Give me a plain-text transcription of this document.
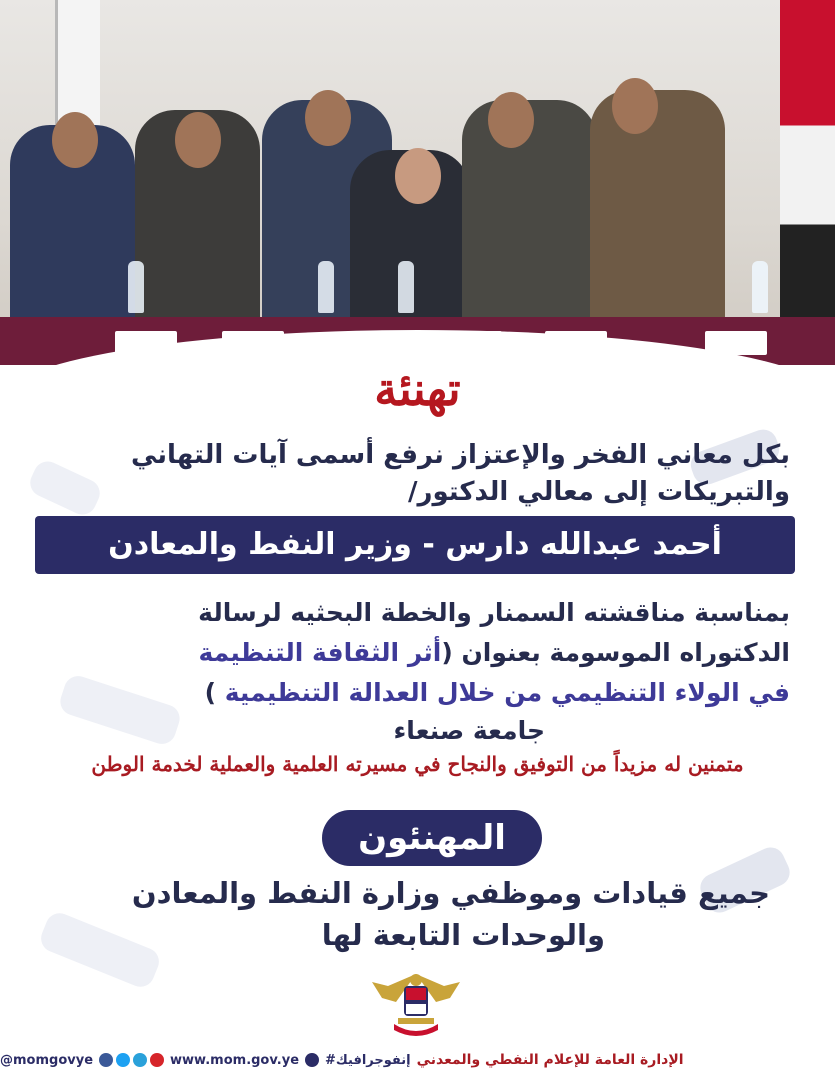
تهنئة
بكل معاني الفخر والإعتزاز نرفع أسمى آيات التهاني
والتبريكات إلى معالي الدكتور/
أحمد عبدالله دارس - وزير النفط والمعادن
بمناسبة مناقشته السمنار والخطة البحثيه لرسالة
الدكتوراه الموسومة بعنوان (أثر الثقافة التنظيمة
في الولاء التنظيمي من خلال العدالة التنظيمية )
جامعة صنعاء
متمنين له مزيداً من التوفيق والنجاح في مسيرته العلمية والعملية لخدمة الوطن
المهنئون
جميع قيادات وموظفي وزارة النفط والمعادن
والوحدات التابعة لها
الإدارة العامة للإعلام النفطي والمعدني
#إنفوجرافيك
www.mom.gov.ye
@momgovye
